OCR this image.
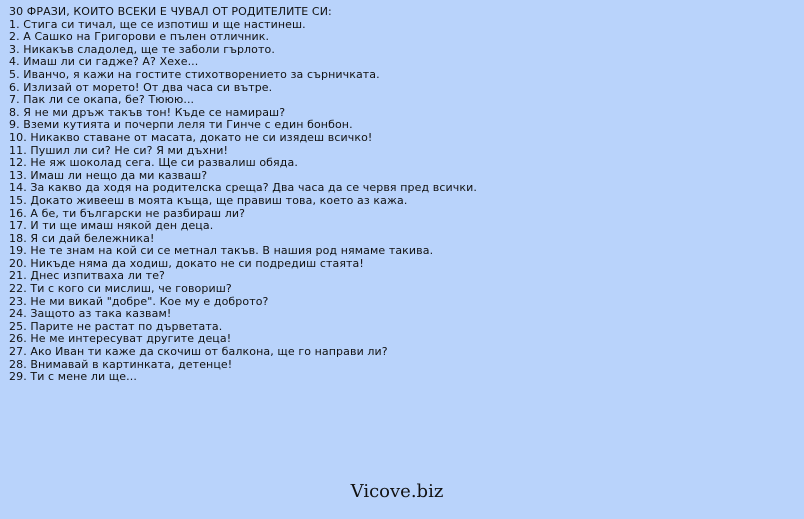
30 ФРАЗИ, КОИТО ВСЕКИ Е ЧУВАЛ ОТ РОДИТЕЛИТЕ СИ:
1. Стига си тичал, ще се изпотиш и ще настинеш.
2. А Сашко на Григорови е пълен отличник.
3. Никакъв сладолед, ще те заболи гърлото.
4. Имаш ли си гадже? А? Хехе...
5. Иванчо, я кажи на гостите стихотворението за сърничката.
6. Излизай от морето! От два часа си вътре.
7. Пак ли се окапа, бе? Тююю...
8. Я не ми дръж такъв тон! Къде се намираш?
9. Вземи кутията и почерпи леля ти Гинче с един бонбон.
10. Никакво ставане от масата, докато не си изядеш всичко!
11. Пушил ли си? Не си? Я ми дъхни!
12. Не яж шоколад сега. Ще си развалиш обяда.
13. Имаш ли нещо да ми казваш?
14. За какво да ходя на родителска среща? Два часа да се червя пред всички.
15. Докато живееш в моята къща, ще правиш това, което аз кажа.
16. А бе, ти български не разбираш ли?
17. И ти ще имаш някой ден деца.
18. Я си дай бележника!
19. Не те знам на кой си се метнал такъв. В нашия род нямаме такива.
20. Никъде няма да ходиш, докато не си подредиш стаята!
21. Днес изпитваха ли те?
22. Ти с кого си мислиш, че говориш?
23. Не ми викай "добре". Кое му е доброто?
24. Защото аз така казвам!
25. Парите не растат по дърветата.
26. Не ме интересуват другите деца!
27. Ако Иван ти каже да скочиш от балкона, ще го направи ли?
28. Внимавай в картинката, детенце!
29. Ти с мене ли ще...
Vicove.biz
